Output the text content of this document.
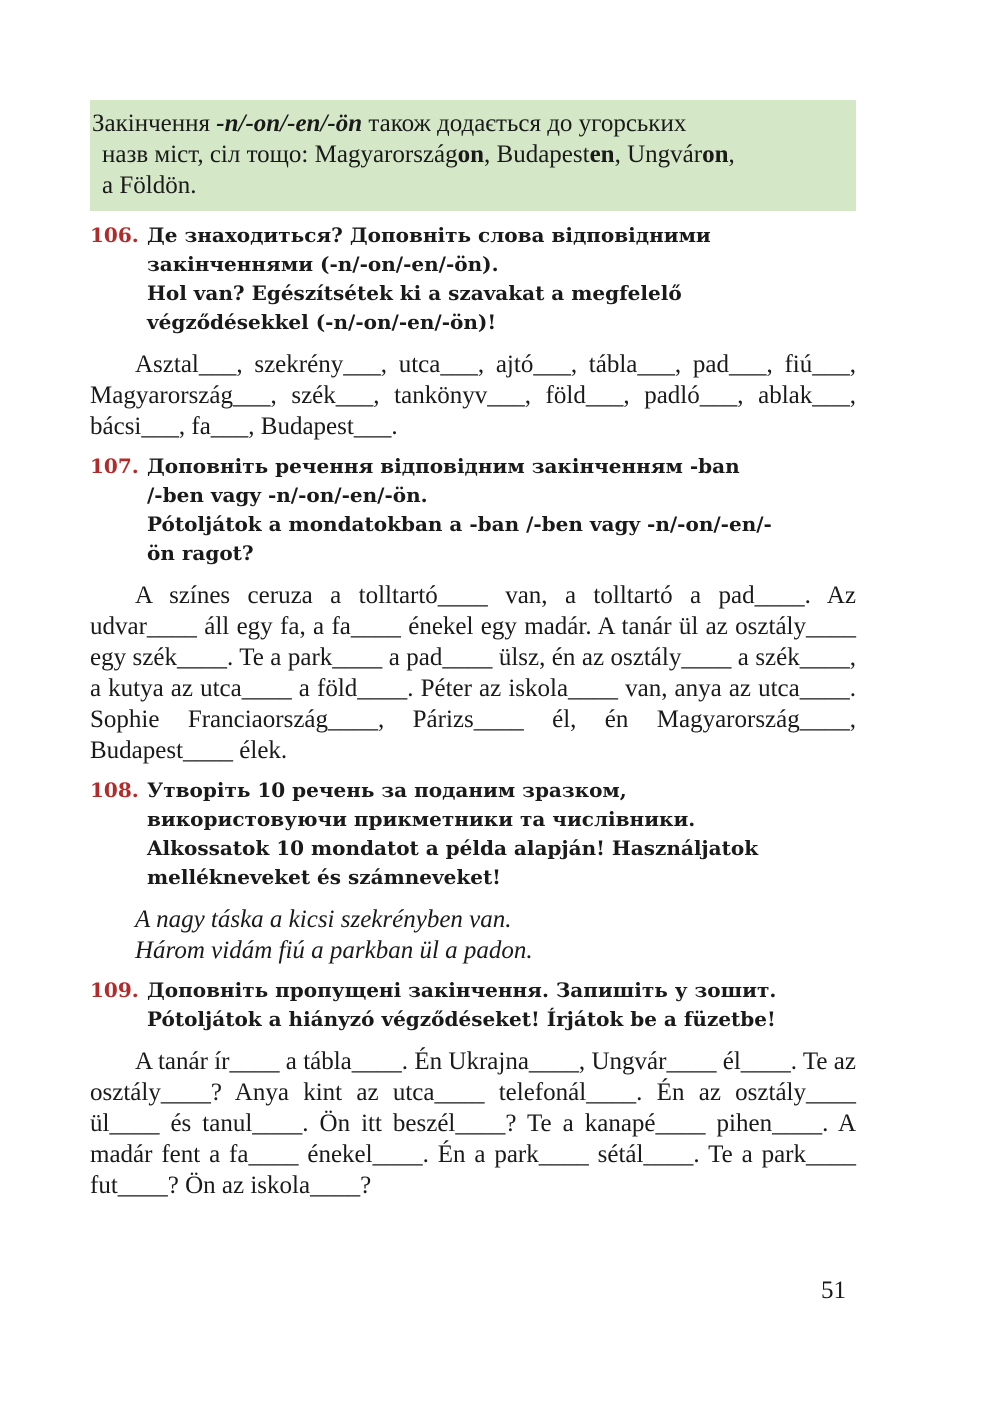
Закінчення -n/-on/-en/-ön також додається до угорських
назв міст, сіл тощо: Magyarországon, Budapesten, Ungváron,
a Földön.
106. Де знаходиться? Доповніть слова відповідними
закінченнями (-n/-on/-en/-ön).
Hol van? Egészítsétek ki a szavakat a megfelelő
végződésekkel (-n/-on/-en/-ön)!

Asztal___, szekrény___, utca___, ajtó___, tábla___, pad___, fiú___, Magyarország___, szék___, tankönyv___, föld___, padló___, ablak___, bácsi___, fa___, Budapest___.

107. Доповніть речення відповідним закінченням -ban
/-ben vagy -n/-on/-en/-ön.
Pótoljátok a mondatokban a -ban /-ben vagy -n/-on/-en/-
ön ragot?

A színes ceruza a tolltartó____ van, a tolltartó a pad____. Az udvar____ áll egy fa, a fa____ énekel egy madár. A tanár ül az osztály____ egy szék____. Te a park____ a pad____ ülsz, én az osztály____ a szék____, a kutya az utca____ a föld____. Péter az iskola____ van, anya az utca____. Sophie Franciaország____, Párizs____ él, én Magyarország____, Budapest____ élek.

108. Утворіть 10 речень за поданим зразком,
використовуючи прикметники та числівники.
Alkossatok 10 mondatot a példa alapján! Használjatok
mellékneveket és számneveket!

A nagy táska a kicsi szekrényben van.

Három vidám fiú a parkban ül a padon.

109. Доповніть пропущені закінчення. Запишіть у зошит.
Pótoljátok a hiányzó végződéseket! Írjátok be a füzetbe!

A tanár ír____ a tábla____. Én Ukrajna____, Ungvár____ él____. Te az osztály____? Anya kint az utca____ telefonál____. Én az osztály____ ül____ és tanul____. Ön itt beszél____? Te a kanapé____ pihen____. A madár fent a fa____ énekel____. Én a park____ sétál____. Te a park____ fut____? Ön az iskola____?

51
